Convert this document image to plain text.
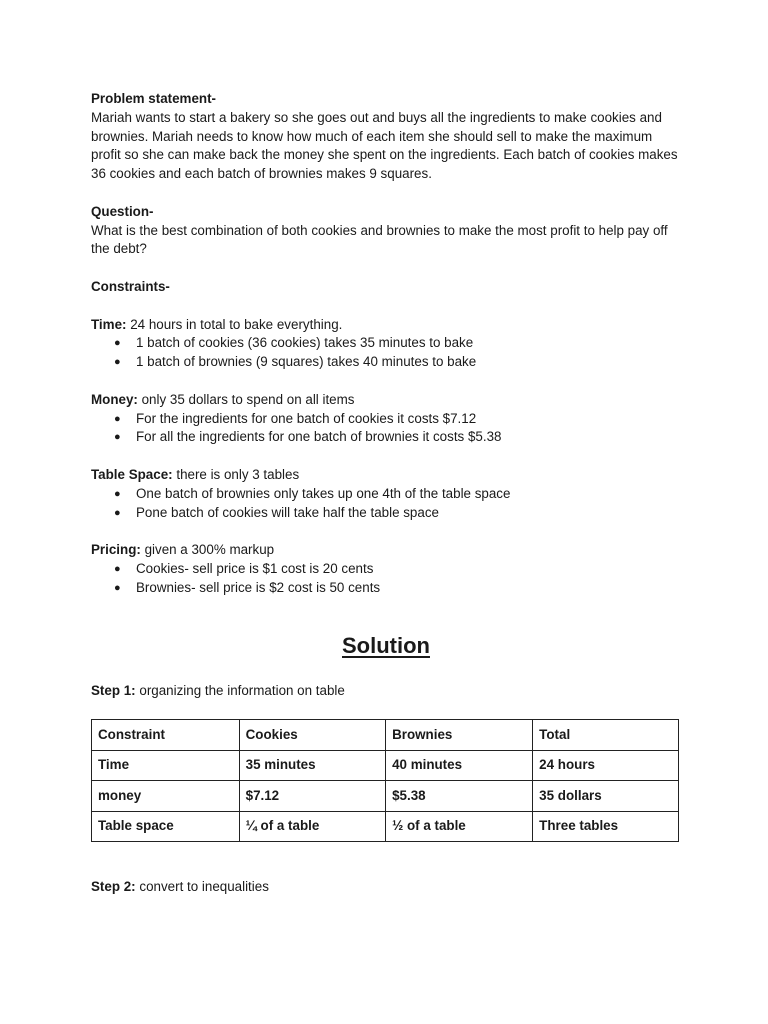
Problem statement-

Mariah wants to start a bakery so she goes out and buys all the ingredients to make cookies and brownies. Mariah needs to know how much of each item she should sell to make the maximum profit so she can make back the money she spent on the ingredients. Each batch of cookies makes 36 cookies and each batch of brownies makes 9 squares.

Question-

What is the best combination of both cookies and brownies to make the most profit to help pay off the debt?

Constraints-

Time: 24 hours in total to bake everything.

● 1 batch of cookies (36 cookies) takes 35 minutes to bake
● 1 batch of brownies (9 squares) takes 40 minutes to bake

Money: only 35 dollars to spend on all items

● For the ingredients for one batch of cookies it costs $7.12
● For all the ingredients for one batch of brownies it costs $5.38

Table Space: there is only 3 tables

● One batch of brownies only takes up one 4th of the table space
● Pone batch of cookies will take half the table space

Pricing: given a 300% markup

● Cookies- sell price is $1 cost is 20 cents
● Brownies- sell price is $2 cost is 50 cents

Solution

Step 1: organizing the information on table

Constraint	Cookies	Brownies	Total
Time	35 minutes	40 minutes	24 hours
money	$7.12	$5.38	35 dollars
Table space	¼ of a table	½ of a table	Three tables

Step 2: convert to inequalities
